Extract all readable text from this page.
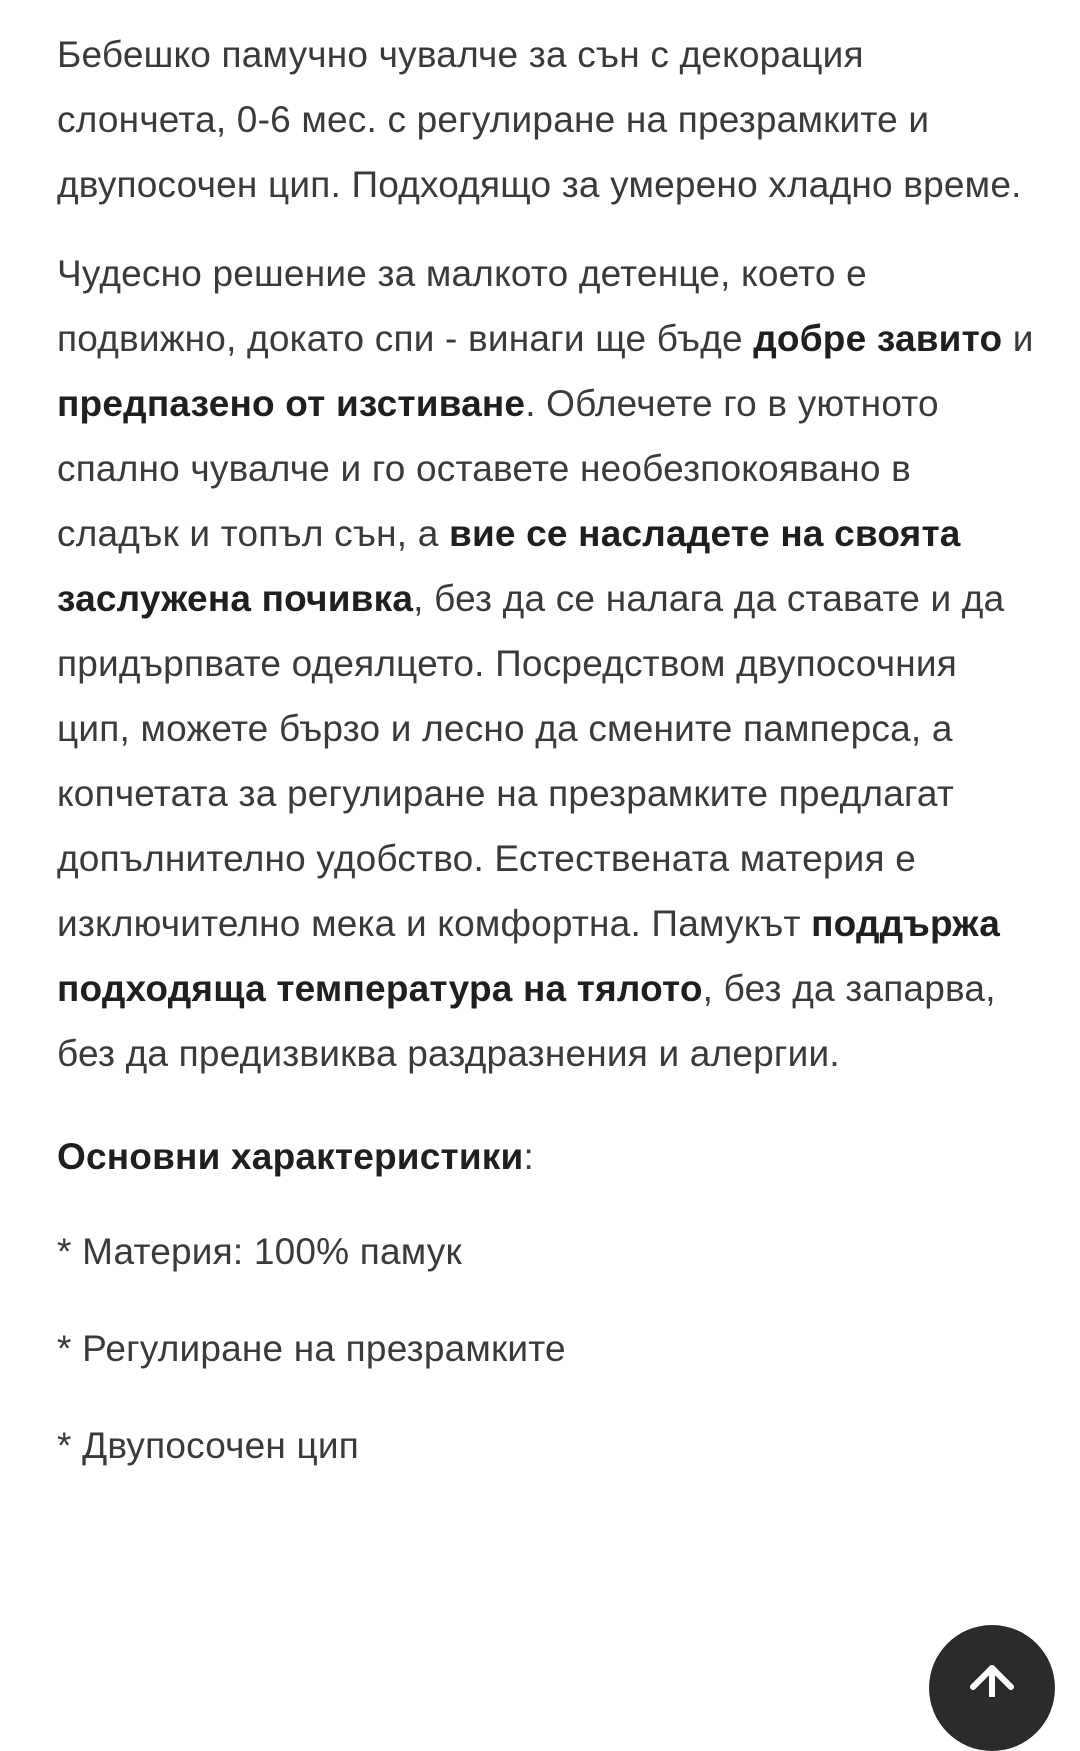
Бебешко памучно чувалче за сън с декорация слончета, 0-6 мес. с регулиране на презрамките и двупосочен цип. Подходящо за умерено хладно време.

Чудесно решение за малкото детенце, което е подвижно, докато спи - винаги ще бъде добре завито и предпазено от изстиване. Облечете го в уютното спално чувалче и го оставете необезпокоявано в сладък и топъл сън, а вие се насладете на своята заслужена почивка, без да се налага да ставате и да придърпвате одеялцето. Посредством двупосочния цип, можете бързо и лесно да смените памперса, а копчетата за регулиране на презрамките предлагат допълнително удобство. Естествената материя е изключително мека и комфортна. Памукът поддържа подходяща температура на тялото, без да запарва, без да предизвиква раздразнения и алергии.

Основни характеристики:

* Материя: 100% памук

* Регулиране на презрамките

* Двупосочен цип
